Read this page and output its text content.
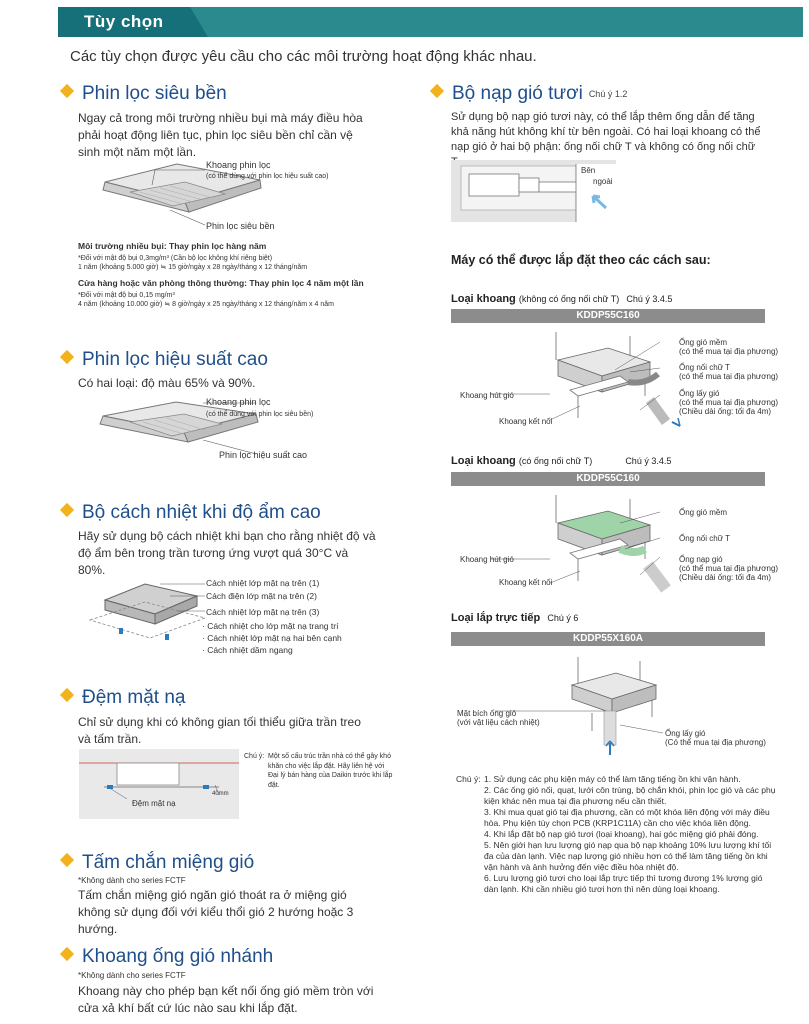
Tùy chọn
Các tùy chọn được yêu cầu cho các môi trường hoạt động khác nhau.
Phin lọc siêu bền
Ngay cả trong môi trường nhiều bụi mà máy điều hòa phải hoạt động liên tục, phin lọc siêu bền chỉ cần vệ sinh một năm một lần.
Khoang phin lọc
(có thể dùng với phin lọc hiệu suất cao)
Phin lọc siêu bền
Môi trường nhiều bụi: Thay phin lọc hàng năm
*Đối với mật độ bụi 0,3mg/m³ (Cần bộ lọc không khí riêng biệt)
1 năm (khoảng 5.000 giờ) ≒ 15 giờ/ngày x 28 ngày/tháng x 12 tháng/năm
Cửa hàng hoặc văn phòng thông thường: Thay phin lọc 4 năm một lần
*Đối với mật độ bụi 0,15 mg/m³
4 năm (khoảng 10.000 giờ) ≒ 8 giờ/ngày x 25 ngày/tháng x 12 tháng/năm x 4 năm
Phin lọc hiệu suất cao
Có hai loại: độ màu 65% và 90%.
Khoang phin lọc
(có thể dùng với phin lọc siêu bền)
Phin lọc hiệu suất cao
Bộ cách nhiệt khi độ ẩm cao
Hãy sử dụng bộ cách nhiệt khi bạn cho rằng nhiệt độ và độ ẩm bên trong trần tương ứng vượt quá 30°C và 80%.
Cách nhiệt lớp mặt nạ trên (1)
Cách điện lớp mặt nạ trên (2)
Cách nhiệt lớp mặt nạ trên (3)
· Cách nhiệt cho lớp mặt nạ trang trí
· Cách nhiệt lớp mặt nạ hai bên cạnh
· Cách nhiệt dầm ngang
Đệm mặt nạ
Chỉ sử dụng khi có không gian tối thiểu giữa trần treo và tấm trần.
Đệm mặt nạ
40mm
Chú ý: Một số cấu trúc trần nhà có thể gây khó khăn cho việc lắp đặt. Hãy liên hệ với Đại lý bán hàng của Daikin trước khi lắp đặt.
Tấm chắn miệng gió
*Không dành cho series FCTF
Tấm chắn miệng gió ngăn gió thoát ra ở miệng gió không sử dụng đối với kiểu thổi gió 2 hướng hoặc 3 hướng.
Khoang ống gió nhánh
*Không dành cho series FCTF
Khoang này cho phép bạn kết nối ống gió mềm tròn với cửa xả khí bất cứ lúc nào sau khi lắp đặt.
Bộ nạp gió tươi Chú ý 1.2
Sử dụng bộ nạp gió tươi này, có thể lắp thêm ống dẫn để tăng khả năng hút không khí từ bên ngoài. Có hai loại khoang có thể nạp gió ở hai bộ phận: ống nối chữ T và không có ống nối chữ
Bên
ngoài
Máy có thể được lắp đặt theo các cách sau:
Loại khoang (không có ống nối chữ T) Chú ý 3.4.5
KDDP55C160
Ống gió mềm
(có thể mua tại địa phương)
Ống nối chữ T
(có thể mua tại địa phương)
Ống lấy gió
(có thể mua tại địa phương)
(Chiều dài ống: tối đa 4m)
Khoang hút gió
Khoang kết nối
Loại khoang (có ống nối chữ T)	Chú ý 3.4.5
KDDP55C160
Ống gió mềm
Ống nối chữ T
Ống nạp gió
(có thể mua tại địa phương)
(Chiều dài ống: tối đa 4m)
Khoang hút gió
Khoang kết nối
Loại lắp trực tiếp Chú ý 6
KDDP55X160A
Mặt bích ống gió
(với vật liệu cách nhiệt)
Ống lấy gió
(Có thể mua tại địa phương)
Chú ý: 1. Sử dụng các phụ kiện máy có thể làm tăng tiếng ồn khi vận hành.
2. Các ống gió nối, quạt, lưới côn trùng, bộ chắn khói, phin lọc gió và các phụ kiện khác nên mua tại địa phương nếu cần thiết.
3. Khi mua quạt gió tại địa phương, cần có một khóa liên động với máy điều hòa. Phụ kiện tùy chọn PCB (KRP1C11A) cần cho việc khóa liên động.
4. Khi lắp đặt bộ nạp gió tươi (loại khoang), hai góc miệng gió phải đóng.
5. Nên giới hạn lưu lượng gió nạp qua bộ nạp khoảng 10% lưu lượng khí tối đa của dàn lạnh. Việc nạp lượng gió nhiều hơn có thể làm tăng tiếng ồn khi vận hành và ảnh hưởng đến việc điều hòa nhiệt độ.
6. Lưu lượng gió tươi cho loại lắp trực tiếp thì tương đương 1% lượng gió dàn lạnh. Khi cần nhiều gió tươi hơn thì nên dùng loại khoang.
